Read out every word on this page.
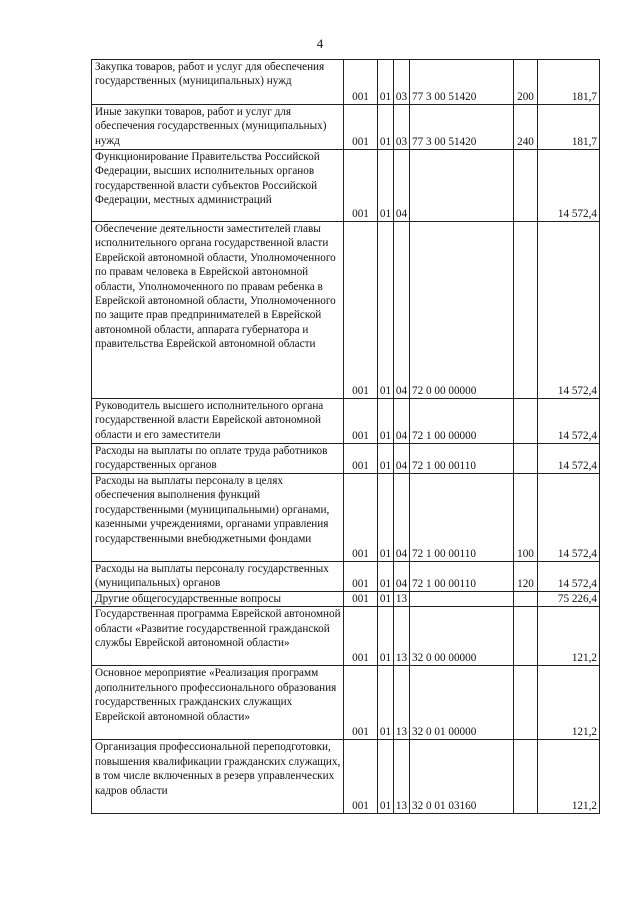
4
Закупка товаров, работ и услуг для обеспечения государственных (муниципальных) нужд	001	01	03	77 3 00 51420	200	181,7
Иные закупки товаров, работ и услуг для обеспечения государственных (муниципальных) нужд	001	01	03	77 3 00 51420	240	181,7
Функционирование Правительства Российской Федерации, высших исполнительных органов государственной власти субъектов Российской Федерации, местных администраций	001	01	04			14 572,4
Обеспечение деятельности заместителей главы исполнительного органа государственной власти Еврейской автономной области, Уполномоченного по правам человека в Еврейской автономной области, Уполномоченного по правам ребенка в Еврейской автономной области, Уполномоченного по защите прав предпринимателей в Еврейской автономной области, аппарата губернатора и правительства Еврейской автономной области	001	01	04	72 0 00 00000		14 572,4
Руководитель высшего исполнительного органа государственной власти Еврейской автономной области и его заместители	001	01	04	72 1 00 00000		14 572,4
Расходы на выплаты по оплате труда работников государственных органов	001	01	04	72 1 00 00110		14 572,4
Расходы на выплаты персоналу в целях обеспечения выполнения функций государственными (муниципальными) органами, казенными учреждениями, органами управления государственными внебюджетными фондами	001	01	04	72 1 00 00110	100	14 572,4
Расходы на выплаты персоналу государственных (муниципальных) органов	001	01	04	72 1 00 00110	120	14 572,4
Другие общегосударственные вопросы	001	01	13			75 226,4
Государственная программа Еврейской автономной области «Развитие государственной гражданской службы Еврейской автономной области»	001	01	13	32 0 00 00000		121,2
Основное мероприятие «Реализация программ дополнительного профессионального образования государственных гражданских служащих Еврейской автономной области»	001	01	13	32 0 01 00000		121,2
Организация профессиональной переподготовки, повышения квалификации гражданских служащих, в том числе включенных в резерв управленческих кадров области	001	01	13	32 0 01 03160		121,2
